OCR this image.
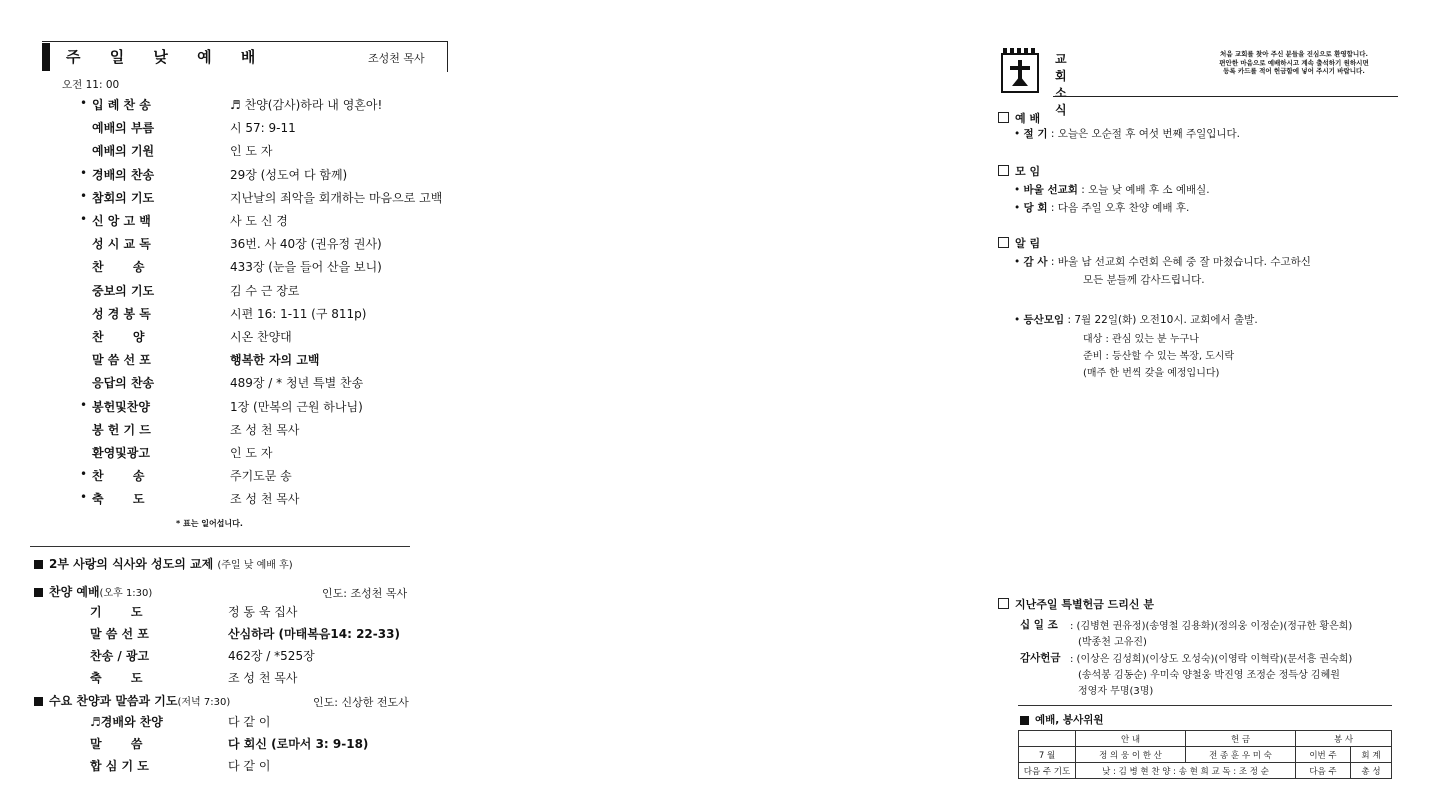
주 일 낮 예 배	조성천 목사
오전 11: 00
• 입 례 찬 송	♬ 찬양(감사)하라 내 영혼아!
예배의 부름	시 57: 9-11
예배의 기원	인 도 자
• 경배의 찬송	29장 (성도여 다 함께)
• 참회의 기도	지난날의 죄악을 회개하는 마음으로 고백
• 신 앙 고 백	사 도 신 경
성 시 교 독	36번. 사 40장 (권유정 권사)
찬       송	433장 (눈을 들어 산을 보니)
중보의 기도	김 수 근 장로
성 경 봉 독	시편 16: 1-11 (구 811p)
찬       양	시온 찬양대
말 씀 선 포	행복한 자의 고백
응답의 찬송	489장 / * 청년 특별 찬송
• 봉헌및찬양	1장 (만복의 근원 하나님)
봉 헌 기 드	조 성 천 목사
환영및광고	인 도 자
• 찬       송	주기도문 송
• 축       도	조 성 천 목사
* 표는 일어섭니다.
2부 사랑의 식사와 성도의 교제 (주일 낮 예배 후)
찬양 예배(오후 1:30)	인도: 조성천 목사
기       도	정 동 욱 집사
말 씀 선 포	산심하라 (마태복음14: 22-33)
찬송 / 광고	462장 / *525장
축       도	조 성 천 목사
수요 찬양과 말씀과 기도(저녁 7:30)	인도: 신상한 전도사
♬경배와 찬양	다 같 이
말       씀	다 회신 (로마서 3: 9-18)
합 심 기 도	다 같 이
교 회 소 식
처음 교회를 찾아 주신 분들을 진심으로 환영합니다.
편안한 마음으로 예배하시고 계속 출석하기 원하시면
등록 카드를 적어 헌금함에 넣어 주시기 바랍니다.
예 배
• 절 기 : 오늘은 오순절 후 여섯 번째 주일입니다.
모 임
• 바울 선교회 : 오늘 낮 예배 후 소 예배실.
• 당 회 : 다음 주일 오후 찬양 예배 후.
알 림
• 감 사 : 바울 남 선교회 수련회 은혜 중 잘 마쳤습니다. 수고하신
모든 분들께 감사드립니다.
• 등산모임 : 7월 22일(화) 오전10시. 교회에서 출발.
대상 : 관심 있는 분 누구나
준비 : 등산할 수 있는 복장, 도시락
(매주 한 번씩 갖을 예정입니다)
지난주일 특별헌금 드리신 분
십 일 조 : (김병현 권유정)(송영철 김용화)(정의웅 이정순)(정규한 황은희)
(박종천 고유진)
감사헌금 : (이상은 김성희)(이상도 오성숙)(이영락 이혁락)(문서흥 권숙희)
(송석봉 김동순) 우미숙 양철웅 박진영 조정순 정득상 김혜원
정영자 무명(3명)
예배, 봉사위원
	안 내	헌 금	봉 사	
7 월	정 의 웅 이 한 산	전 종 훈 우 미 숙	이번 주	회 계
다음 주 기도	낮 : 김 병 현 찬 양 : 송 현 희 교 독 : 조 정 순		다음 주	총 성
